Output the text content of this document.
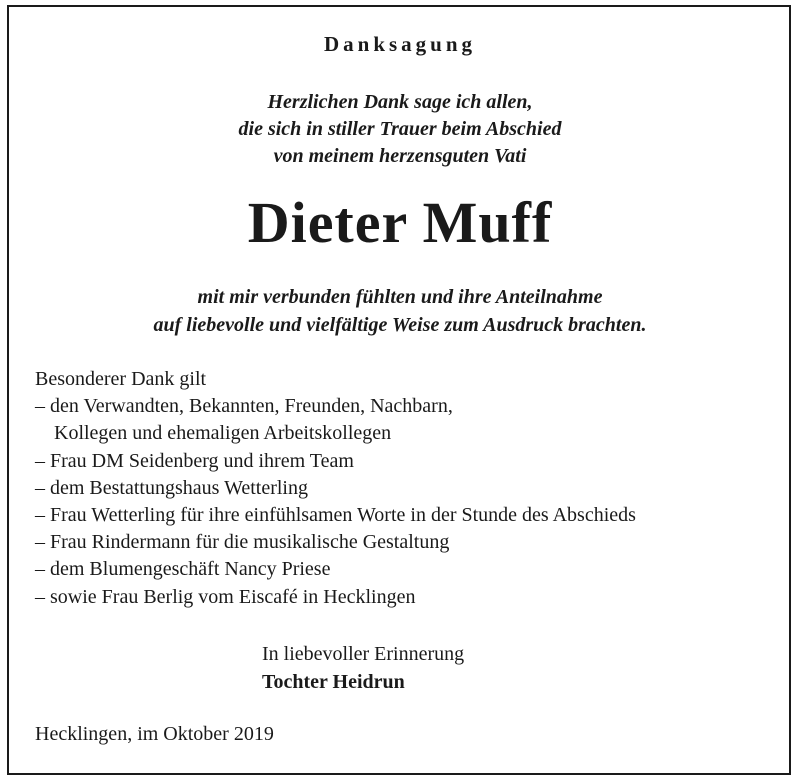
Danksagung
Herzlichen Dank sage ich allen,
die sich in stiller Trauer beim Abschied
von meinem herzensguten Vati
Dieter Muff
mit mir verbunden fühlten und ihre Anteilnahme
auf liebevolle und vielfältige Weise zum Ausdruck brachten.
Besonderer Dank gilt
– den Verwandten, Bekannten, Freunden, Nachbarn,
Kollegen und ehemaligen Arbeitskollegen
– Frau DM Seidenberg und ihrem Team
– dem Bestattungshaus Wetterling
– Frau Wetterling für ihre einfühlsamen Worte in der Stunde des Abschieds
– Frau Rindermann für die musikalische Gestaltung
– dem Blumengeschäft Nancy Priese
– sowie Frau Berlig vom Eiscafé in Hecklingen
In liebevoller Erinnerung
Tochter Heidrun
Hecklingen, im Oktober 2019
